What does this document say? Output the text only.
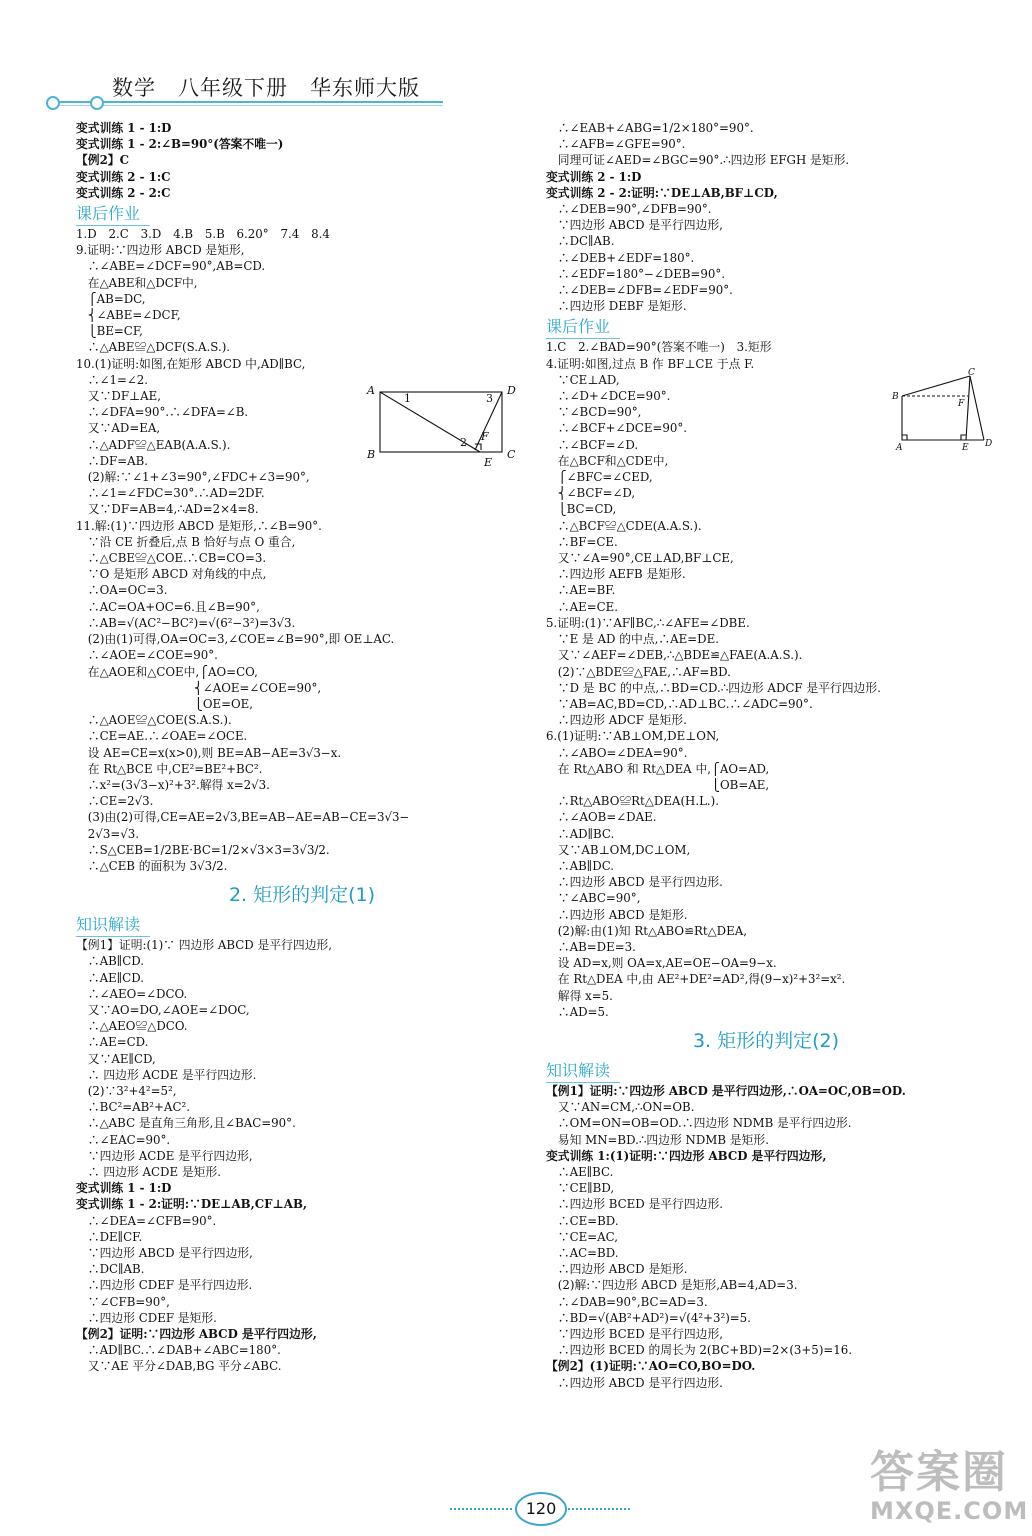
数学　八年级下册　华东师大版
变式训练 1 - 1:D
变式训练 1 - 2:∠B=90°(答案不唯一)
【例2】C
变式训练 2 - 1:C
变式训练 2 - 2:C
课后作业
1.D　2.C　3.D　4.B　5.B　6.20°　7.4　8.4
9.证明:∵四边形 ABCD 是矩形,
　∴∠ABE=∠DCF=90°,AB=CD.
　在△ABE和△DCF中,
　⎧AB=DC,
　⎨∠ABE=∠DCF,
　⎩BE=CF,
　∴△ABE≌△DCF(S.A.S.).
10.(1)证明:如图,在矩形 ABCD 中,AD∥BC,
　∴∠1=∠2.
　又∵DF⊥AE,
　∴∠DFA=90°.∴∠DFA=∠B.
　又∵AD=EA,
　∴△ADF≌△EAB(A.A.S.).
　∴DF=AB.
　(2)解:∵∠1+∠3=90°,∠FDC+∠3=90°,
　∴∠1=∠FDC=30°.∴AD=2DF.
　又∵DF=AB=4,∴AD=2×4=8.
11.解:(1)∵四边形 ABCD 是矩形,∴∠B=90°.
　∵沿 CE 折叠后,点 B 恰好与点 O 重合,
　∴△CBE≌△COE.∴CB=CO=3.
　∵O 是矩形 ABCD 对角线的中点,
　∴OA=OC=3.
　∴AC=OA+OC=6.且∠B=90°,
　∴AB=√(AC²−BC²)=√(6²−3²)=3√3.
　(2)由(1)可得,OA=OC=3,∠COE=∠B=90°,即 OE⊥AC.
　∴∠AOE=∠COE=90°.
　在△AOE和△COE中,⎧AO=CO,
　　　　　　　　　　⎨∠AOE=∠COE=90°,
　　　　　　　　　　⎩OE=OE,
　∴△AOE≌△COE(S.A.S.).
　∴CE=AE.∴∠OAE=∠OCE.
　设 AE=CE=x(x>0),则 BE=AB−AE=3√3−x.
　在 Rt△BCE 中,CE²=BE²+BC².
　∴x²=(3√3−x)²+3².解得 x=2√3.
　∴CE=2√3.
　(3)由(2)可得,CE=AE=2√3,BE=AB−AE=AB−CE=3√3−
　2√3=√3.
　∴S△CEB=1/2BE·BC=1/2×√3×3=3√3/2.
　∴△CEB 的面积为 3√3/2.
2. 矩形的判定(1)
知识解读
【例1】证明:(1)∵ 四边形 ABCD 是平行四边形,
　∴AB∥CD.
　∴AE∥CD.
　∴∠AEO=∠DCO.
　又∵AO=DO,∠AOE=∠DOC,
　∴△AEO≌△DCO.
　∴AE=CD.
　又∵AE∥CD,
　∴ 四边形 ACDE 是平行四边形.
　(2)∵3²+4²=5²,
　∴BC²=AB²+AC².
　∴△ABC 是直角三角形,且∠BAC=90°.
　∴∠EAC=90°.
　∵四边形 ACDE 是平行四边形,
　∴ 四边形 ACDE 是矩形.
变式训练 1 - 1:D
变式训练 1 - 2:证明:∵DE⊥AB,CF⊥AB,
　∴∠DEA=∠CFB=90°.
　∴DE∥CF.
　∵四边形 ABCD 是平行四边形,
　∴DC∥AB.
　∴四边形 CDEF 是平行四边形.
　∵∠CFB=90°,
　∴四边形 CDEF 是矩形.
【例2】证明:∵四边形 ABCD 是平行四边形,
　∴AD∥BC.∴∠DAB+∠ABC=180°.
　又∵AE 平分∠DAB,BG 平分∠ABC.
　∴∠EAB+∠ABG=1/2×180°=90°.
　∴∠AFB=∠GFE=90°.
　同理可证∠AED=∠BGC=90°.∴四边形 EFGH 是矩形.
变式训练 2 - 1:D
变式训练 2 - 2:证明:∵DE⊥AB,BF⊥CD,
　∴∠DEB=90°,∠DFB=90°.
　∵四边形 ABCD 是平行四边形,
　∴DC∥AB.
　∴∠DEB+∠EDF=180°.
　∴∠EDF=180°−∠DEB=90°.
　∴∠DEB=∠DFB=∠EDF=90°.
　∴四边形 DEBF 是矩形.
课后作业
1.C　2.∠BAD=90°(答案不唯一)　3.矩形
4.证明:如图,过点 B 作 BF⊥CE 于点 F.
　∵CE⊥AD,
　∴∠D+∠DCE=90°.
　∵∠BCD=90°,
　∴∠BCF+∠DCE=90°.
　∴∠BCF=∠D.
　在△BCF和△CDE中,
　⎧∠BFC=∠CED,
　⎨∠BCF=∠D,
　⎩BC=CD,
　∴△BCF≌△CDE(A.A.S.).
　∴BF=CE.
　又∵∠A=90°,CE⊥AD,BF⊥CE,
　∴四边形 AEFB 是矩形.
　∴AE=BF.
　∴AE=CE.
5.证明:(1)∵AF∥BC,∴∠AFE=∠DBE.
　∵E 是 AD 的中点,∴AE=DE.
　又∵∠AEF=∠DEB,∴△BDE≌△FAE(A.A.S.).
　(2)∵△BDE≌△FAE,∴AF=BD.
　∵D 是 BC 的中点,∴BD=CD.∴四边形 ADCF 是平行四边形.
　∵AB=AC,BD=CD,∴AD⊥BC.∴∠ADC=90°.
　∴四边形 ADCF 是矩形.
6.(1)证明:∵AB⊥OM,DE⊥ON,
　∴∠ABO=∠DEA=90°.
　在 Rt△ABO 和 Rt△DEA 中,⎧AO=AD,
　　　　　　　　　　　　　　⎩OB=AE,
　∴Rt△ABO≌Rt△DEA(H.L.).
　∴∠AOB=∠DAE.
　∴AD∥BC.
　又∵AB⊥OM,DC⊥OM,
　∴AB∥DC.
　∴四边形 ABCD 是平行四边形.
　∵∠ABC=90°,
　∴四边形 ABCD 是矩形.
　(2)解:由(1)知 Rt△ABO≌Rt△DEA,
　∴AB=DE=3.
　设 AD=x,则 OA=x,AE=OE−OA=9−x.
　在 Rt△DEA 中,由 AE²+DE²=AD²,得(9−x)²+3²=x².
　解得 x=5.
　∴AD=5.
3. 矩形的判定(2)
知识解读
【例1】证明:∵四边形 ABCD 是平行四边形,∴OA=OC,OB=OD.
　又∵AN=CM,∴ON=OB.
　∴OM=ON=OB=OD.∴四边形 NDMB 是平行四边形.
　易知 MN=BD.∴四边形 NDMB 是矩形.
变式训练 1:(1)证明:∵四边形 ABCD 是平行四边形,
　∴AE∥BC.
　∵CE∥BD,
　∴四边形 BCED 是平行四边形.
　∴CE=BD.
　∵CE=AC,
　∴AC=BD.
　∴四边形 ABCD 是矩形.
　(2)解:∵四边形 ABCD 是矩形,AB=4,AD=3.
　∴∠DAB=90°,BC=AD=3.
　∴BD=√(AB²+AD²)=√(4²+3²)=5.
　∵四边形 BCED 是平行四边形,
　∴四边形 BCED 的周长为 2(BC+BD)=2×(3+5)=16.
【例2】(1)证明:∵AO=CO,BO=DO.
　∴四边形 ABCD 是平行四边形.
A	D
B	C
E
F
1
2
3
C
B
F
A	E D
120
答案圈
MXQE.COM
